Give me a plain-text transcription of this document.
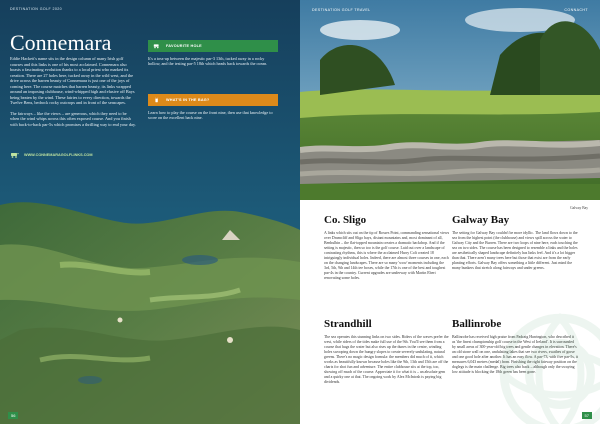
DESTINATION GOLF 2020
Connemara

Eddie Hackett's name sits in the design column of many Irish golf courses and this links is one of his most acclaimed. Connemara also boasts a fascinating evolution thanks to a local priest who marked its creation. There are 27 holes here, tucked away in the wild west, and the drive across the barren beauty of Connemara is just one of the joys of coming here. The course matches that barren beauty, its links wrapped around an imposing clubhouse, wind-whipped high and elusive off Bays being beaten by the wind. These fairies to every direction, towards the Twelve Bens, bedrock rocky outcrops and in front of the seascapes.

The fairways – like the views – are generous, which they need to be when the wind whips across this often exposed course. And you finish with back-to-back par-5s which promises a thrilling way to end your day.

WWW.CONNEMARAGOLFLINKS.COM
FAVOURITE HOLE

It's a toss-up between the majestic par-3 13th, tucked away in a rocky hollow, and the testing par-5 18th which heads back towards the ocean.

WHAT'S IN THE BAG?

Learn how to play the course on the front nine, then use that knowledge to score on the excellent back nine.

56
DESTINATION GOLF TRAVEL	CONNACHT
Galway Bay
Co. Sligo

A links which sits out on the tip of Rosses Point, commanding sensational views over Drumcliff and Sligo bays, distant mountains and, most dominant of all, Benbulbin – the flat-topped mountain creates a dramatic backdrop. And if the setting is majestic, then so too is the golf course. Laid out over a landscape of contrasting rhythms, this is where the acclaimed Harry Colt created 18 intriguingly individual holes. Indeed, there are almost three courses in one, each on the changing landscapes. There are so many 'wow' moments including the 3rd, 5th, 9th and 14th tee boxes, while the 17th is one of the best and toughest par-4s in the country. Current upgrades are underway with Martin Ebert renovating some holes.

Galway Bay

The setting for Galway Bay couldn't be more idyllic. The land flows down to the sea from the highest point (the clubhouse) and views spill across the water to Galway City and the Burren. There are two loops of nine here, each touching the sea on two sides. The course has been designed to resemble a links and the holes are aesthetically shaped landscape definitely has links feel. And it's a lot bigger than that. There aren't many trees here but those that exist are from the early planting efforts. Galway Bay offers something a little different. Just mind the many bunkers that stretch along fairways and under greens.

Strandhill

The sea operates this stunning links on two sides. Riders of the waves prefer the west, while riders of the tides make full use of the 9th. You'll see them from a course that hugs the water but also rises up the dunes in the centre, winding holes swooping down the hungry slopes to create severely undulating, natural greens. There's no magic design formula: the members did much of it, which works as beautifully known because holes like the 9th, 13th and 15th are off the charts for shot fun and adventure. The entire clubhouse sits at the top, too, showing off much of the course. Appreciate it for what it is – an absolute gem and a quirky one at that. The ongoing work by Alex McIntosh is paying big dividends.

Ballinrobe

Ballinrobe has received high praise from Padraig Harrington, who described it as 'the finest championship golf course in the West of Ireland'. It is surrounded by small areas of 300-year-old big trees and gentle changes in elevation. There's an old stone wall on one, undulating lakes that see two rivers, swathes of gorse and one good hole after another. It has an easy flow. A par-73, with five par-5s, it measures 6,043 metres (medal) from. Finishing the right fairway position on the doglegs is the main challenge. Big trees also back – although only the swaying low attitude is blocking the 18th green has been gone.

57
